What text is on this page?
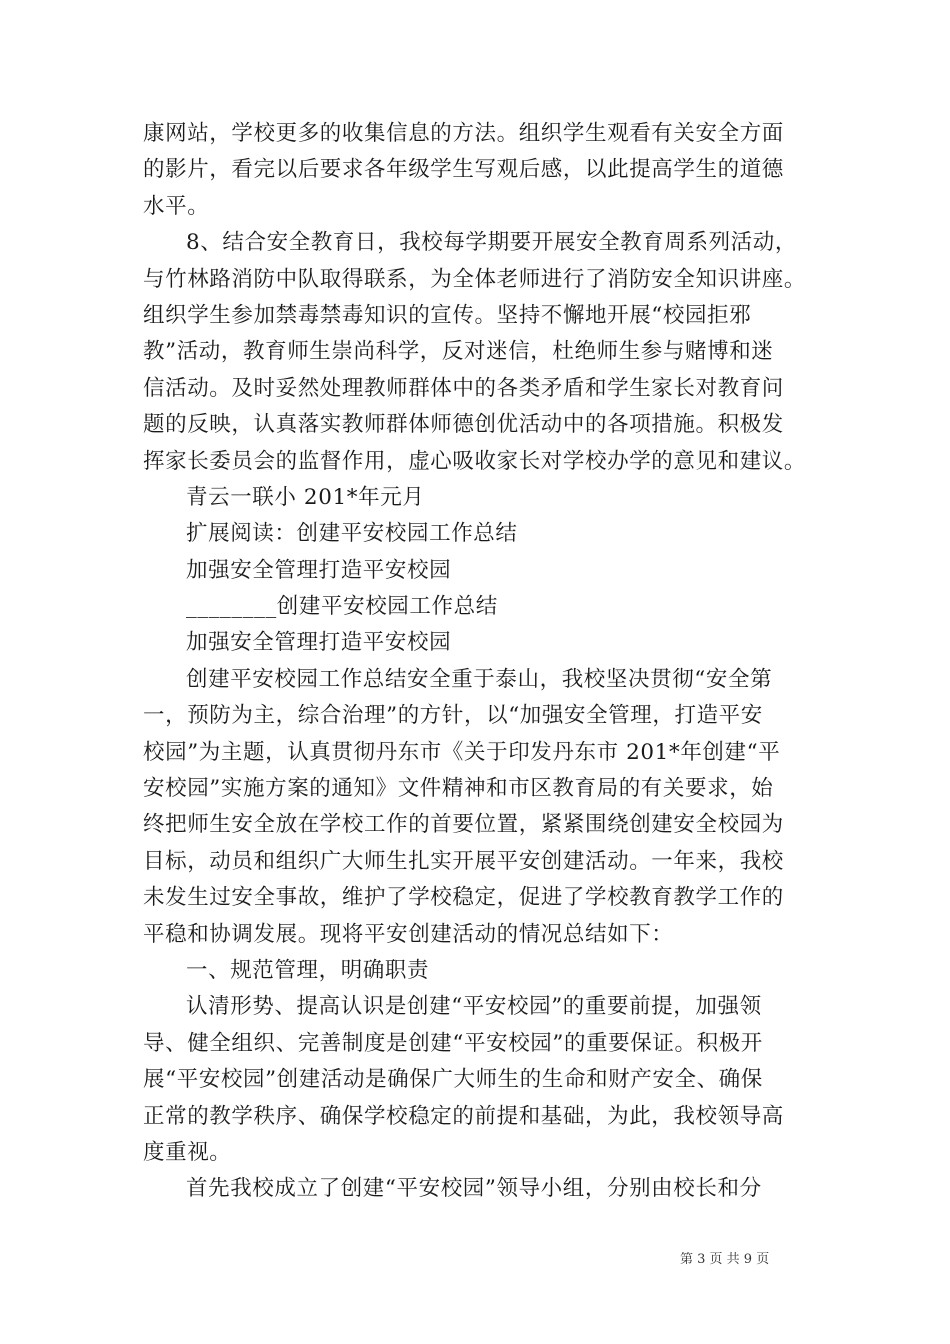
康网站，学校更多的收集信息的方法。组织学生观看有关安全方面
的影片，看完以后要求各年级学生写观后感，以此提高学生的道德
水平。
8、结合安全教育日，我校每学期要开展安全教育周系列活动，
与竹林路消防中队取得联系，为全体老师进行了消防安全知识讲座。
组织学生参加禁毒禁毒知识的宣传。坚持不懈地开展“校园拒邪
教”活动，教育师生崇尚科学，反对迷信，杜绝师生参与赌博和迷
信活动。及时妥然处理教师群体中的各类矛盾和学生家长对教育问
题的反映，认真落实教师群体师德创优活动中的各项措施。积极发
挥家长委员会的监督作用，虚心吸收家长对学校办学的意见和建议。
青云一联小 201*年元月
扩展阅读：创建平安校园工作总结
加强安全管理打造平安校园
________创建平安校园工作总结
加强安全管理打造平安校园
创建平安校园工作总结安全重于泰山，我校坚决贯彻“安全第
一，预防为主，综合治理”的方针，以“加强安全管理，打造平安
校园”为主题，认真贯彻丹东市《关于印发丹东市 201*年创建“平
安校园”实施方案的通知》文件精神和市区教育局的有关要求，始
终把师生安全放在学校工作的首要位置，紧紧围绕创建安全校园为
目标，动员和组织广大师生扎实开展平安创建活动。一年来，我校
未发生过安全事故，维护了学校稳定，促进了学校教育教学工作的
平稳和协调发展。现将平安创建活动的情况总结如下：
一、规范管理，明确职责
认清形势、提高认识是创建“平安校园”的重要前提，加强领
导、健全组织、完善制度是创建“平安校园”的重要保证。积极开
展“平安校园”创建活动是确保广大师生的生命和财产安全、确保
正常的教学秩序、确保学校稳定的前提和基础，为此，我校领导高
度重视。
首先我校成立了创建“平安校园”领导小组，分别由校长和分
第 3 页 共 9 页
